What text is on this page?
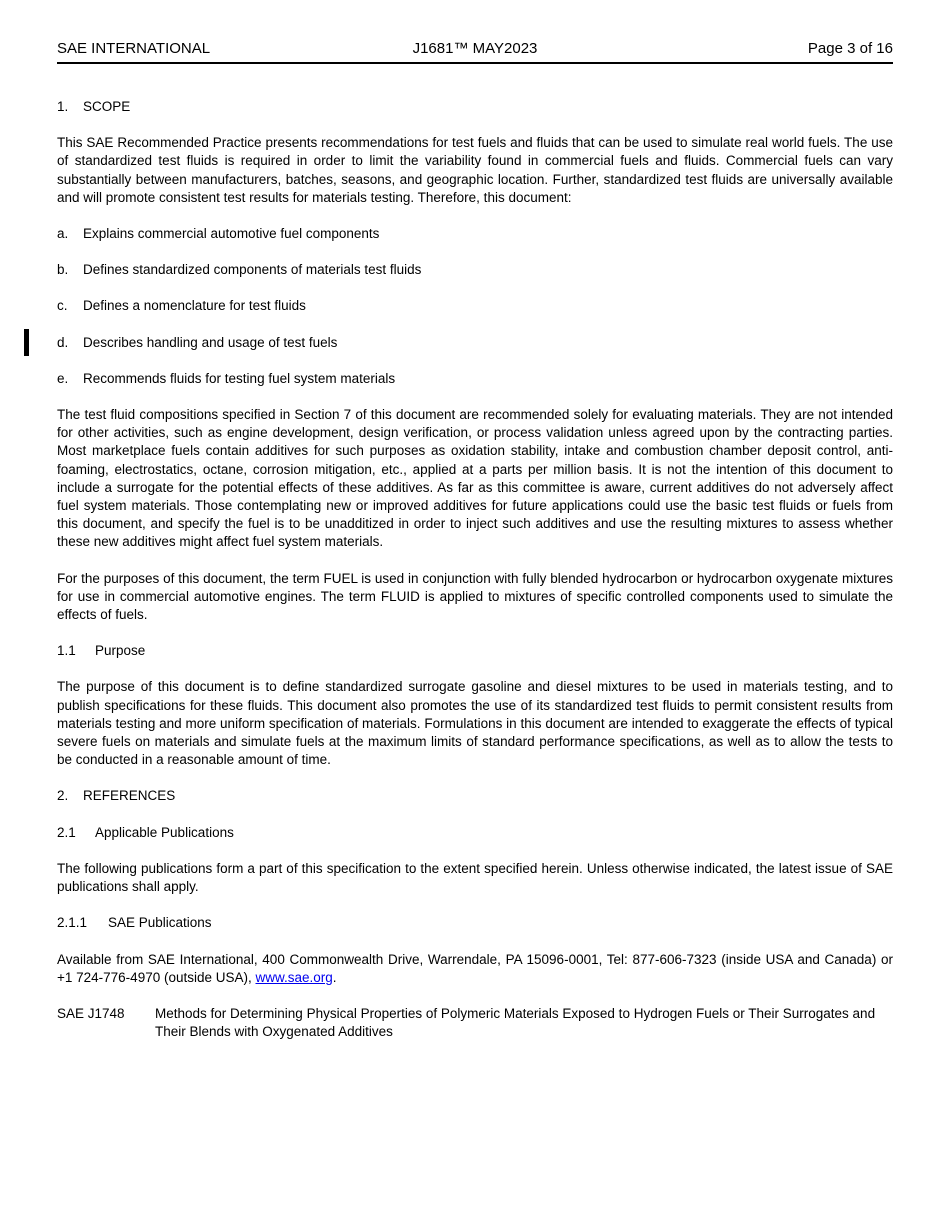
SAE INTERNATIONAL	J1681™ MAY2023	Page 3 of 16
1. SCOPE

This SAE Recommended Practice presents recommendations for test fuels and fluids that can be used to simulate real world fuels. The use of standardized test fluids is required in order to limit the variability found in commercial fuels and fluids. Commercial fuels can vary substantially between manufacturers, batches, seasons, and geographic location. Further, standardized test fluids are universally available and will promote consistent test results for materials testing. Therefore, this document:

a. Explains commercial automotive fuel components
b. Defines standardized components of materials test fluids
c. Defines a nomenclature for test fluids
d. Describes handling and usage of test fuels
e. Recommends fluids for testing fuel system materials

The test fluid compositions specified in Section 7 of this document are recommended solely for evaluating materials. They are not intended for other activities, such as engine development, design verification, or process validation unless agreed upon by the contracting parties. Most marketplace fuels contain additives for such purposes as oxidation stability, intake and combustion chamber deposit control, anti-foaming, electrostatics, octane, corrosion mitigation, etc., applied at a parts per million basis. It is not the intention of this document to include a surrogate for the potential effects of these additives. As far as this committee is aware, current additives do not adversely affect fuel system materials. Those contemplating new or improved additives for future applications could use the basic test fluids or fuels from this document, and specify the fuel is to be unadditized in order to inject such additives and use the resulting mixtures to assess whether these new additives might affect fuel system materials.

For the purposes of this document, the term FUEL is used in conjunction with fully blended hydrocarbon or hydrocarbon oxygenate mixtures for use in commercial automotive engines. The term FLUID is applied to mixtures of specific controlled components used to simulate the effects of fuels.

1.1 Purpose

The purpose of this document is to define standardized surrogate gasoline and diesel mixtures to be used in materials testing, and to publish specifications for these fluids. This document also promotes the use of its standardized test fluids to permit consistent results from materials testing and more uniform specification of materials. Formulations in this document are intended to exaggerate the effects of typical severe fuels on materials and simulate fuels at the maximum limits of standard performance specifications, as well as to allow the tests to be conducted in a reasonable amount of time.

2. REFERENCES
2.1 Applicable Publications

The following publications form a part of this specification to the extent specified herein. Unless otherwise indicated, the latest issue of SAE publications shall apply.

2.1.1 SAE Publications

Available from SAE International, 400 Commonwealth Drive, Warrendale, PA 15096-0001, Tel: 877-606-7323 (inside USA and Canada) or +1 724-776-4970 (outside USA), www.sae.org.

SAE J1748	Methods for Determining Physical Properties of Polymeric Materials Exposed to Hydrogen Fuels or Their Surrogates and Their Blends with Oxygenated Additives
